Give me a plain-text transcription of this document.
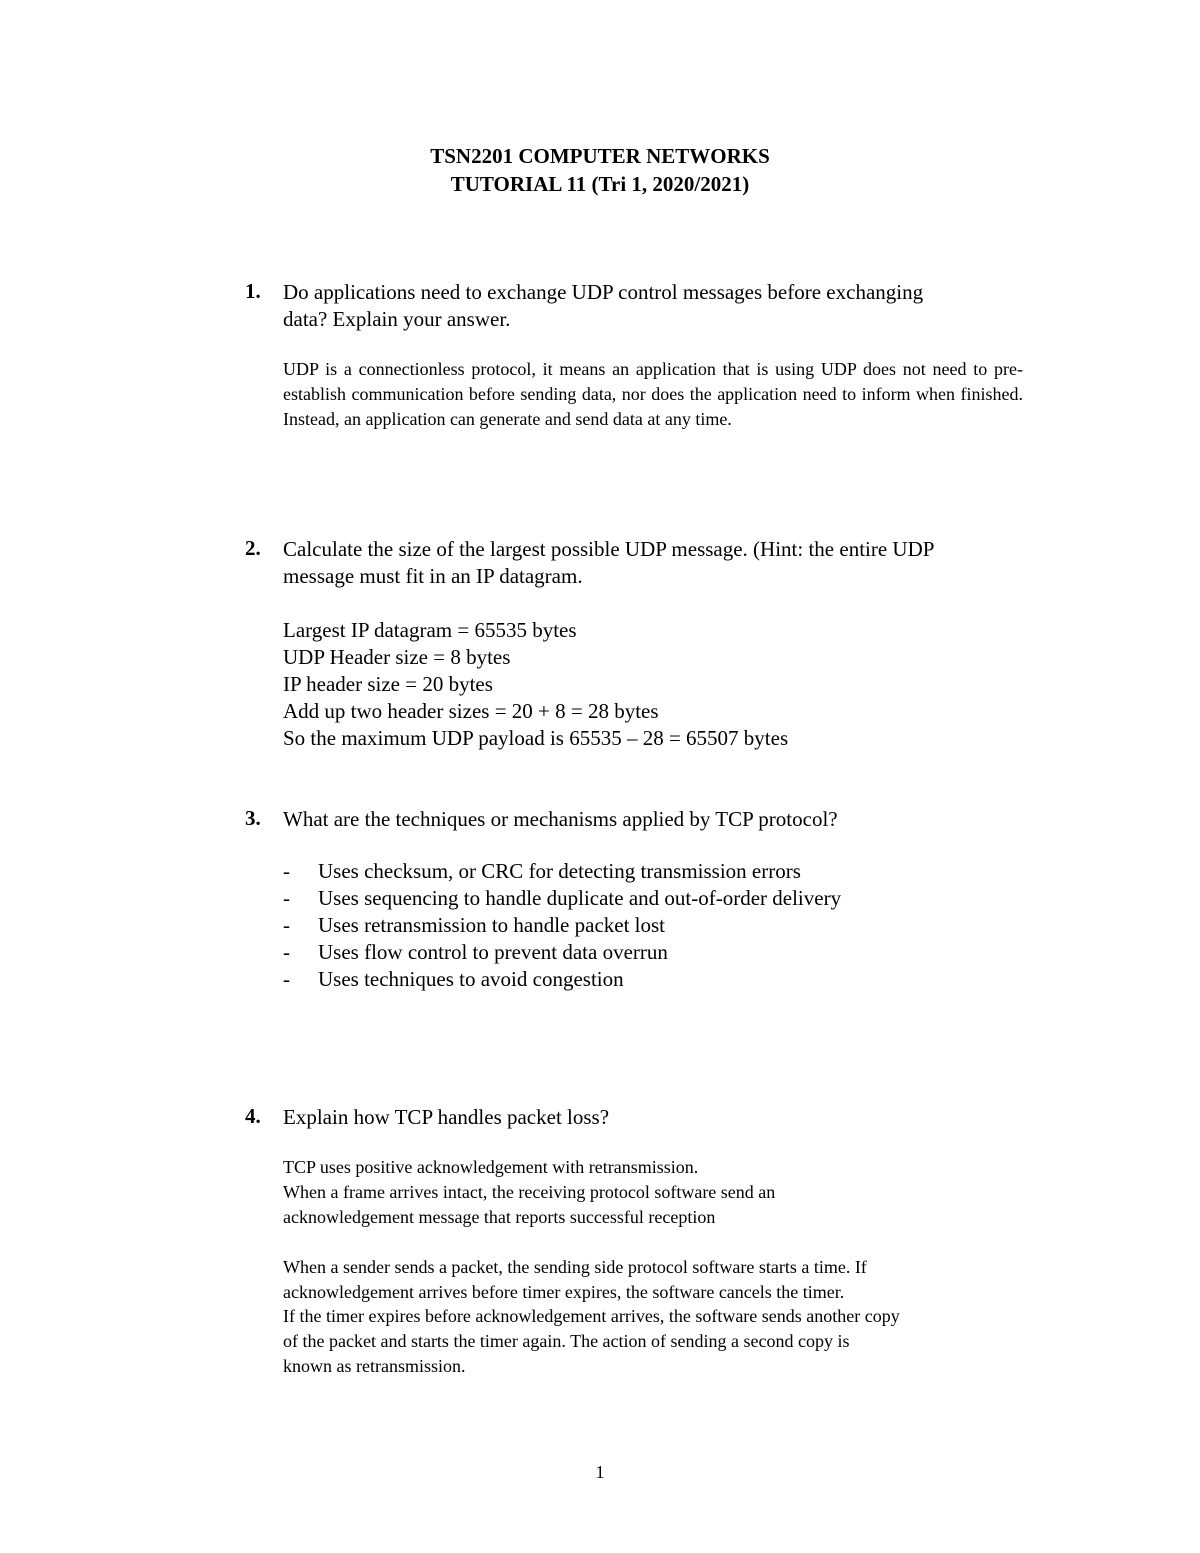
TSN2201 COMPUTER NETWORKS
TUTORIAL 11 (Tri 1, 2020/2021)
1. Do applications need to exchange UDP control messages before exchanging
data? Explain your answer.
UDP is a connectionless protocol, it means an application that is using UDP does not need to pre-establish communication before sending data, nor does the application need to inform when finished. Instead, an application can generate and send data at any time.
2. Calculate the size of the largest possible UDP message. (Hint: the entire UDP
message must fit in an IP datagram.
Largest IP datagram = 65535 bytes
UDP Header size = 8 bytes
IP header size = 20 bytes
Add up two header sizes = 20 + 8 = 28 bytes
So the maximum UDP payload is 65535 – 28 = 65507 bytes
3. What are the techniques or mechanisms applied by TCP protocol?
- Uses checksum, or CRC for detecting transmission errors
- Uses sequencing to handle duplicate and out-of-order delivery
- Uses retransmission to handle packet lost
- Uses flow control to prevent data overrun
- Uses techniques to avoid congestion
4. Explain how TCP handles packet loss?
TCP uses positive acknowledgement with retransmission.
When a frame arrives intact, the receiving protocol software send an
acknowledgement message that reports successful reception
When a sender sends a packet, the sending side protocol software starts a time. If
acknowledgement arrives before timer expires, the software cancels the timer.
If the timer expires before acknowledgement arrives, the software sends another copy
of the packet and starts the timer again. The action of sending a second copy is
known as retransmission.
1
